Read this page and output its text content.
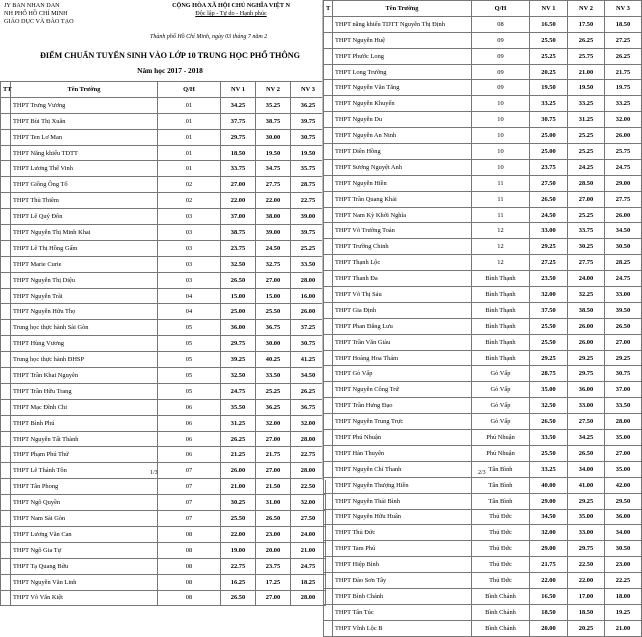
JY BAN NHAN DAN
NH PHỐ HỒ CHÍ MINH
GIÁO DỤC VÀ ĐÀO TẠO
CỘNG HÒA XÃ HỘI CHỦ NGHĨA VIỆT N
Độc lập - Tự do - Hạnh phúc
Thành phố Hồ Chí Minh, ngày 03 tháng 7 năm 2
ĐIỂM CHUẨN TUYỂN SINH VÀO LỚP 10 TRUNG HỌC PHỔ THÔNG
Năm học 2017 - 2018
TT	Tên Trường	Q/H	NV 1	NV 2	NV 3
	THPT Trưng Vương	01	34.25	35.25	36.25
	THPT Bùi Thị Xuân	01	37.75	38.75	39.75
	THPT Ten Lơ Man	01	29.75	30.00	30.75
	THPT Năng khiếu TDTT	01	18.50	19.50	19.50
	THPT Lương Thế Vinh	01	33.75	34.75	35.75
	THPT Giồng Ông Tố	02	27.00	27.75	28.75
	THPT Thủ Thiêm	02	22.00	22.00	22.75
	THPT Lê Quý Đôn	03	37.00	38.00	39.00
	THPT Nguyễn Thị Minh Khai	03	38.75	39.00	39.75
	THPT Lê Thị Hồng Gấm	03	23.75	24.50	25.25
	THPT Marie Curie	03	32.50	32.75	33.50
	THPT Nguyễn Thị Diệu	03	26.50	27.00	28.00
	THPT Nguyễn Trãi	04	15.00	15.00	16.00
	THPT Nguyễn Hữu Thọ	04	25.00	25.50	26.00
	Trung học thực hành Sài Gòn	05	36.00	36.75	37.25
	THPT Hùng Vương	05	29.75	30.00	30.75
	Trung học thực hành ĐHSP	05	39.25	40.25	41.25
	THPT Trần Khai Nguyên	05	32.50	33.50	34.50
	THPT Trần Hữu Trang	05	24.75	25.25	26.25
	THPT Mạc Đĩnh Chi	06	35.50	36.25	36.75
	THPT Bình Phú	06	31.25	32.00	32.00
	THPT Nguyễn Tất Thành	06	26.25	27.00	28.00
	THPT Phạm Phú Thứ	06	21.25	21.75	22.75
	THPT Lê Thánh Tôn	07	26.00	27.00	28.00
	THPT Tân Phong	07	21.00	21.50	22.50
	THPT Ngô Quyền	07	30.25	31.00	32.00
	THPT Nam Sài Gòn	07	25.50	26.50	27.50
	THPT Lương Văn Can	08	22.00	23.00	24.00
	THPT Ngô Gia Tự	08	19.00	20.00	21.00
	THPT Tạ Quang Bửu	08	22.75	23.75	24.75
	THPT Nguyễn Văn Linh	08	16.25	17.25	18.25
	THPT Võ Văn Kiệt	08	26.50	27.00	28.00
1/3
T	Tên Trường	Q/H	NV 1	NV 2	NV 3
	THPT năng khiếu TDTT Nguyễn Thị Định	08	16.50	17.50	18.50
	THPT Nguyễn Huệ	09	25.50	26.25	27.25
	THPT Phước Long	09	25.25	25.75	26.25
	THPT Long Trường	09	20.25	21.00	21.75
	THPT Nguyễn Văn Tăng	09	19.50	19.50	19.75
	THPT Nguyễn Khuyến	10	33.25	33.25	33.25
	THPT Nguyễn Du	10	30.75	31.25	32.00
	THPT Nguyễn An Ninh	10	25.00	25.25	26.00
	THPT Diên Hồng	10	25.00	25.25	25.75
	THPT Sương Nguyệt Anh	10	23.75	24.25	24.75
	THPT Nguyễn Hiền	11	27.50	28.50	29.00
	THPT Trần Quang Khải	11	26.50	27.00	27.75
	THPT Nam Kỳ Khởi Nghĩa	11	24.50	25.25	26.00
	THPT Võ Trường Toản	12	33.00	33.75	34.50
	THPT Trường Chinh	12	29.25	30.25	30.50
	THPT Thạnh Lộc	12	27.25	27.75	28.25
	THPT Thanh Đa	Bình Thạnh	23.50	24.00	24.75
	THPT Võ Thị Sáu	Bình Thạnh	32.00	32.25	33.00
	THPT Gia Định	Bình Thạnh	37.50	38.50	39.50
	THPT Phan Đăng Lưu	Bình Thạnh	25.50	26.00	26.50
	THPT Trần Văn Giàu	Bình Thạnh	25.50	26.00	27.00
	THPT Hoàng Hoa Thám	Bình Thạnh	29.25	29.25	29.25
	THPT Gò Vấp	Gò Vấp	28.75	29.75	30.75
	THPT Nguyễn Công Trứ	Gò Vấp	35.00	36.00	37.00
	THPT Trần Hưng Đạo	Gò Vấp	32.50	33.00	33.50
	THPT Nguyễn Trung Trực	Gò Vấp	26.50	27.50	28.00
	THPT Phú Nhuận	Phú Nhuận	33.50	34.25	35.00
	THPT Hàn Thuyên	Phú Nhuận	25.50	26.50	27.00
	THPT Nguyễn Chí Thanh	Tân Bình	33.25	34.00	35.00
	THPT Nguyễn Thượng Hiền	Tân Bình	40.00	41.00	42.00
	THPT Nguyễn Thái Bình	Tân Bình	29.00	29.25	29.50
	THPT Nguyễn Hữu Huân	Thủ Đức	34.50	35.00	36.00
	THPT Thủ Đức	Thủ Đức	32.00	33.00	34.00
	THPT Tam Phú	Thủ Đức	29.00	29.75	30.50
	THPT Hiệp Bình	Thủ Đức	21.75	22.50	23.00
	THPT Đào Sơn Tây	Thủ Đức	22.00	22.00	22.25
	THPT Bình Chánh	Bình Chánh	16.50	17.00	18.00
	THPT Tân Túc	Bình Chánh	18.50	18.50	19.25
	THPT Vĩnh Lộc B	Bình Chánh	20.00	20.25	21.00
2/3
